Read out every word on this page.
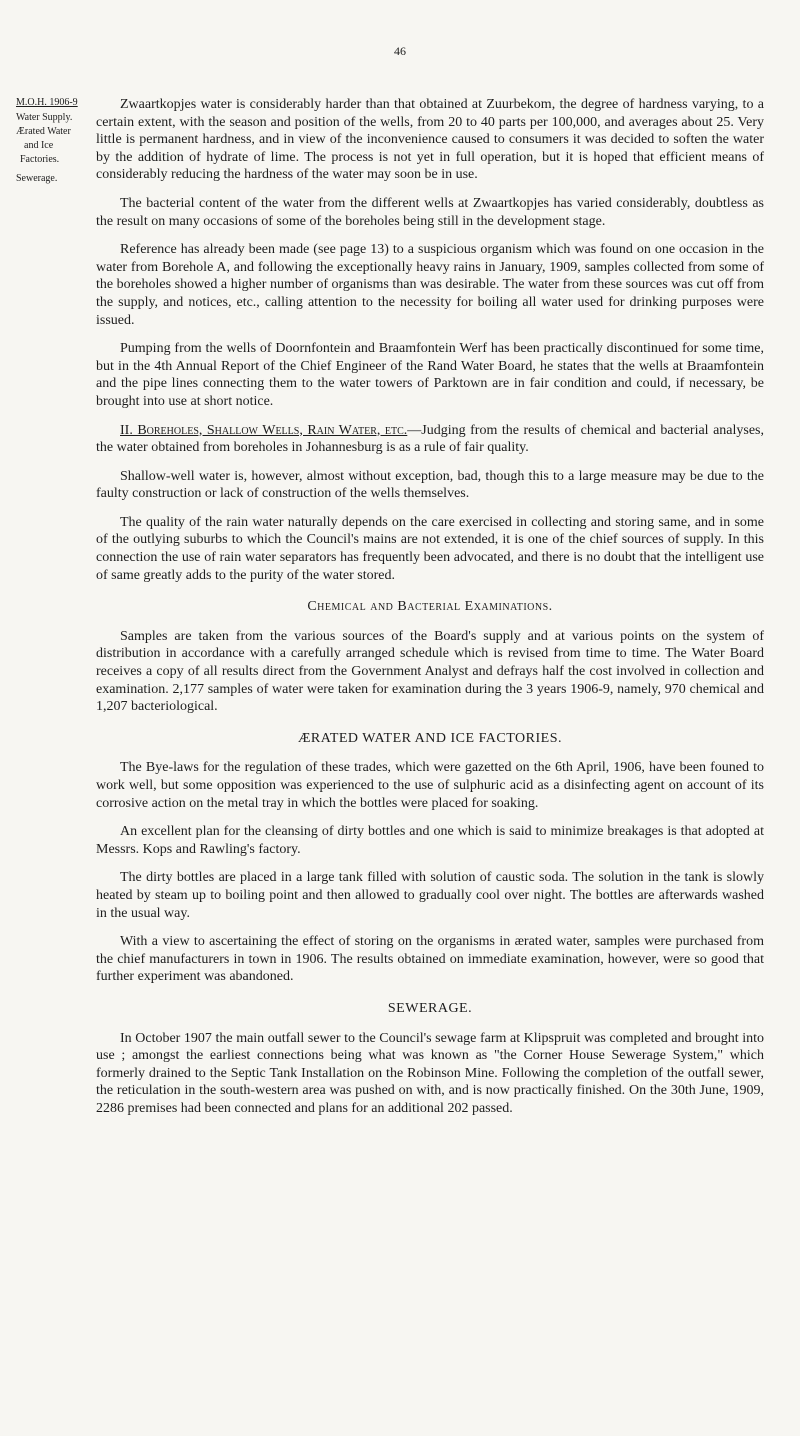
46
M.O.H. 1906-9
Water Supply.
Ærated Water
and Ice
Factories.
Sewerage.

Zwaartkopjes water is considerably harder than that obtained at Zuurbekom, the degree of hardness varying, to a certain extent, with the season and position of the wells, from 20 to 40 parts per 100,000, and averages about 25. Very little is permanent hardness, and in view of the inconvenience caused to consumers it was decided to soften the water by the addition of hydrate of lime. The process is not yet in full operation, but it is hoped that efficient means of considerably reducing the hardness of the water may soon be in use.

The bacterial content of the water from the different wells at Zwaartkopjes has varied considerably, doubtless as the result on many occasions of some of the boreholes being still in the development stage.

Reference has already been made (see page 13) to a suspicious organism which was found on one occasion in the water from Borehole A, and following the exceptionally heavy rains in January, 1909, samples collected from some of the boreholes showed a higher number of organisms than was desirable. The water from these sources was cut off from the supply, and notices, etc., calling attention to the necessity for boiling all water used for drinking purposes were issued.

Pumping from the wells of Doornfontein and Braamfontein Werf has been practically discontinued for some time, but in the 4th Annual Report of the Chief Engineer of the Rand Water Board, he states that the wells at Braamfontein and the pipe lines connecting them to the water towers of Parktown are in fair condition and could, if necessary, be brought into use at short notice.

II. Boreholes, Shallow Wells, Rain Water, etc.—Judging from the results of chemical and bacterial analyses, the water obtained from boreholes in Johannesburg is as a rule of fair quality.

Shallow-well water is, however, almost without exception, bad, though this to a large measure may be due to the faulty construction or lack of construction of the wells themselves.

The quality of the rain water naturally depends on the care exercised in collecting and storing same, and in some of the outlying suburbs to which the Council's mains are not extended, it is one of the chief sources of supply. In this connection the use of rain water separators has frequently been advocated, and there is no doubt that the intelligent use of same greatly adds to the purity of the water stored.

Chemical and Bacterial Examinations.

Samples are taken from the various sources of the Board's supply and at various points on the system of distribution in accordance with a carefully arranged schedule which is revised from time to time. The Water Board receives a copy of all results direct from the Government Analyst and defrays half the cost involved in collection and examination. 2,177 samples of water were taken for examination during the 3 years 1906-9, namely, 970 chemical and 1,207 bacteriological.

ÆRATED WATER AND ICE FACTORIES.

The Bye-laws for the regulation of these trades, which were gazetted on the 6th April, 1906, have been founed to work well, but some opposition was experienced to the use of sulphuric acid as a disinfecting agent on account of its corrosive action on the metal tray in which the bottles were placed for soaking.

An excellent plan for the cleansing of dirty bottles and one which is said to minimize breakages is that adopted at Messrs. Kops and Rawling's factory.

The dirty bottles are placed in a large tank filled with solution of caustic soda. The solution in the tank is slowly heated by steam up to boiling point and then allowed to gradually cool over night. The bottles are afterwards washed in the usual way.

With a view to ascertaining the effect of storing on the organisms in ærated water, samples were purchased from the chief manufacturers in town in 1906. The results obtained on immediate examination, however, were so good that further experiment was abandoned.

SEWERAGE.

In October 1907 the main outfall sewer to the Council's sewage farm at Klipspruit was completed and brought into use ; amongst the earliest connections being what was known as "the Corner House Sewerage System," which formerly drained to the Septic Tank Installation on the Robinson Mine. Following the completion of the outfall sewer, the reticulation in the south-western area was pushed on with, and is now practically finished. On the 30th June, 1909, 2286 premises had been connected and plans for an additional 202 passed.
